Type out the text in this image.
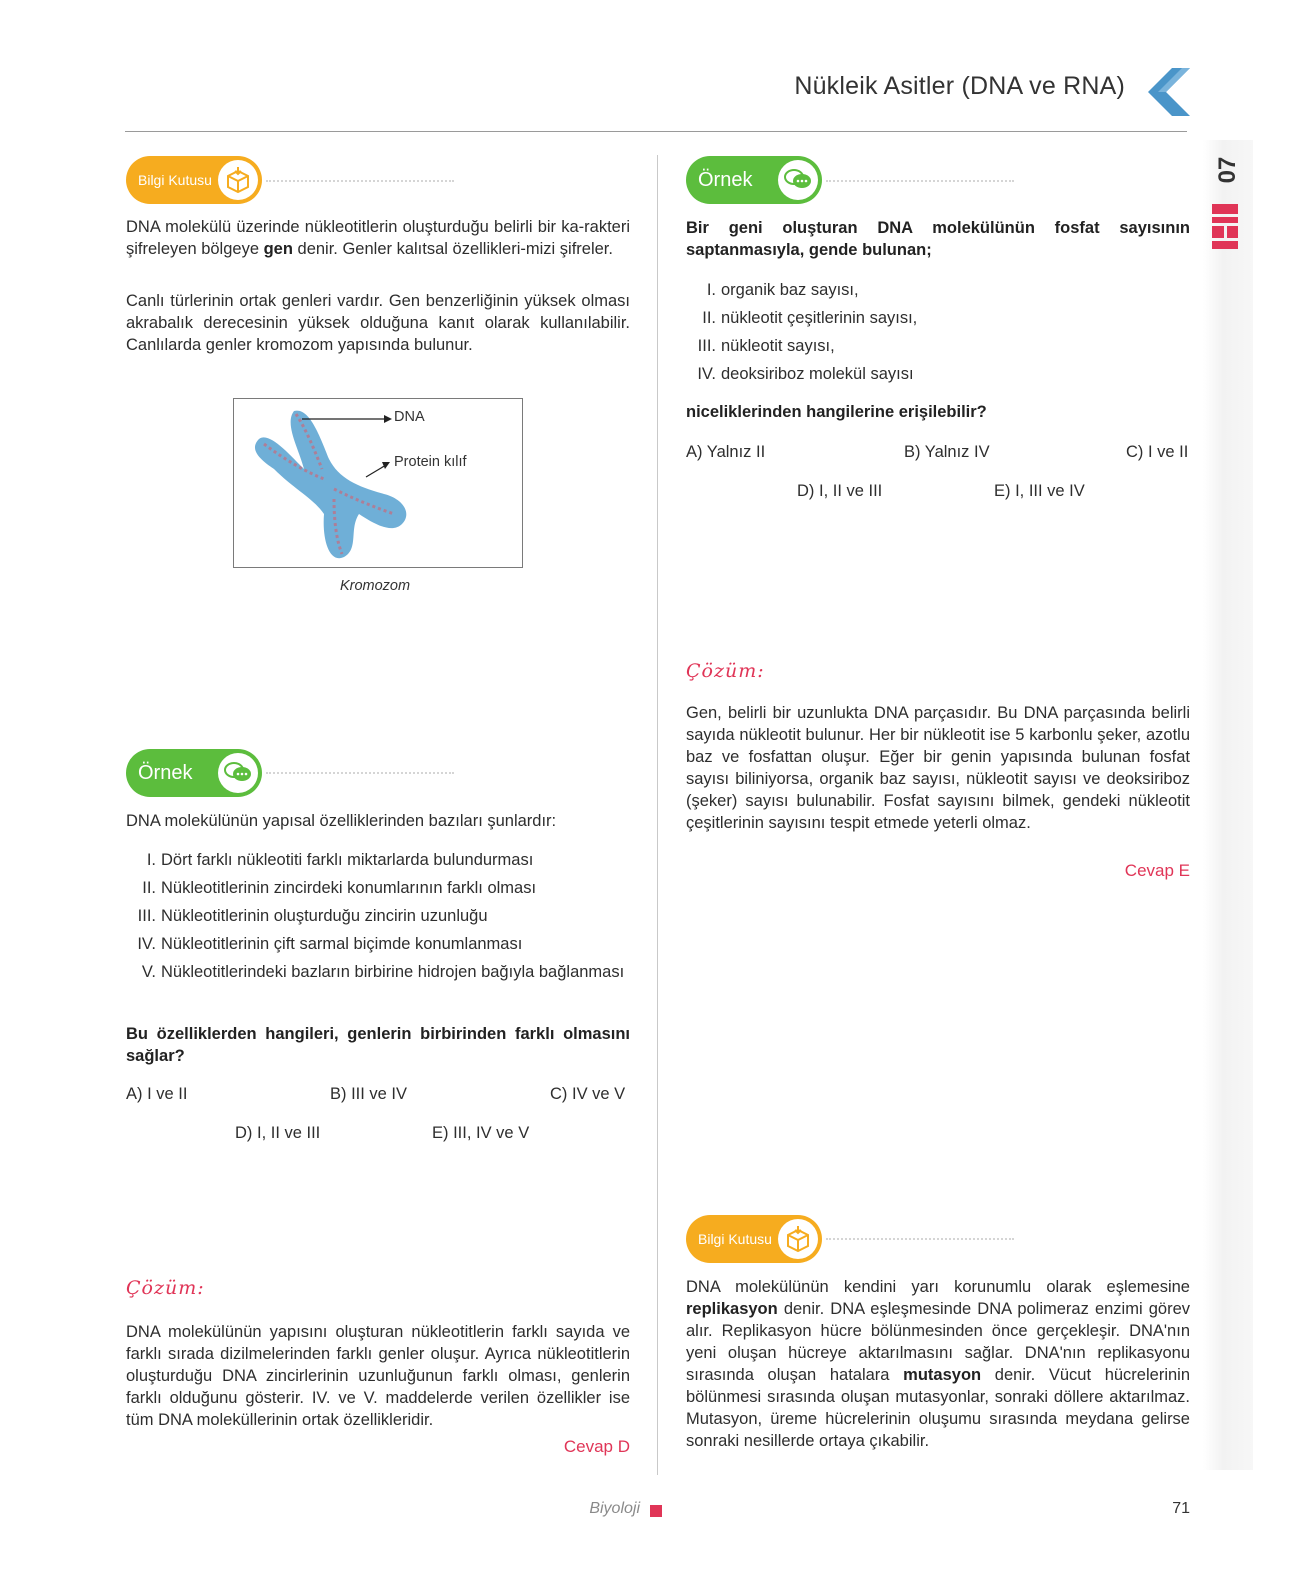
Nükleik Asitler (DNA ve RNA)
07
Bilgi Kutusu
DNA molekülü üzerinde nükleotitlerin oluşturduğu belirli bir ka-rakteri şifreleyen bölgeye gen denir. Genler kalıtsal özellikleri-mizi şifreler.
Canlı türlerinin ortak genleri vardır. Gen benzerliğinin yüksek olması akrabalık derecesinin yüksek olduğuna kanıt olarak kullanılabilir. Canlılarda genler kromozom yapısında bulunur.
DNA
Protein kılıf
Kromozom
Örnek
DNA molekülünün yapısal özelliklerinden bazıları şunlardır:
I. Dört farklı nükleotiti farklı miktarlarda bulundurması
II. Nükleotitlerinin zincirdeki konumlarının farklı olması
III. Nükleotitlerinin oluşturduğu zincirin uzunluğu
IV. Nükleotitlerinin çift sarmal biçimde konumlanması
V. Nükleotitlerindeki bazların birbirine hidrojen bağıyla bağlanması
Bu özelliklerden hangileri, genlerin birbirinden farklı olmasını sağlar?
A) I ve II	B) III ve IV	C) IV ve V
D) I, II ve III	E) III, IV ve V
Çözüm:
DNA molekülünün yapısını oluşturan nükleotitlerin farklı sayıda ve farklı sırada dizilmelerinden farklı genler oluşur. Ayrıca nükleotitlerin oluşturduğu DNA zincirlerinin uzunluğunun farklı olması, genlerin farklı olduğunu gösterir. IV. ve V. maddelerde verilen özellikler ise tüm DNA moleküllerinin ortak özellikleridir.
Cevap D
Örnek
Bir geni oluşturan DNA molekülünün fosfat sayısının saptanmasıyla, gende bulunan;
I. organik baz sayısı,
II. nükleotit çeşitlerinin sayısı,
III. nükleotit sayısı,
IV. deoksiriboz molekül sayısı
niceliklerinden hangilerine erişilebilir?
A) Yalnız II	B) Yalnız IV	C) I ve II
D) I, II ve III	E) I, III ve IV
Çözüm:
Gen, belirli bir uzunlukta DNA parçasıdır. Bu DNA parçasında belirli sayıda nükleotit bulunur. Her bir nükleotit ise 5 karbonlu şeker, azotlu baz ve fosfattan oluşur. Eğer bir genin yapısında bulunan fosfat sayısı biliniyorsa, organik baz sayısı, nükleotit sayısı ve deoksiriboz (şeker) sayısı bulunabilir. Fosfat sayısını bilmek, gendeki nükleotit çeşitlerinin sayısını tespit etmede yeterli olmaz.
Cevap E
Bilgi Kutusu
DNA molekülünün kendini yarı korunumlu olarak eşlemesine replikasyon denir. DNA eşleşmesinde DNA polimeraz enzimi görev alır. Replikasyon hücre bölünmesinden önce gerçekleşir. DNA'nın yeni oluşan hücreye aktarılmasını sağlar. DNA'nın replikasyonu sırasında oluşan hatalara mutasyon denir. Vücut hücrelerinin bölünmesi sırasında oluşan mutasyonlar, sonraki döllere aktarılmaz. Mutasyon, üreme hücrelerinin oluşumu sırasında meydana gelirse sonraki nesillerde ortaya çıkabilir.
Biyoloji	71
